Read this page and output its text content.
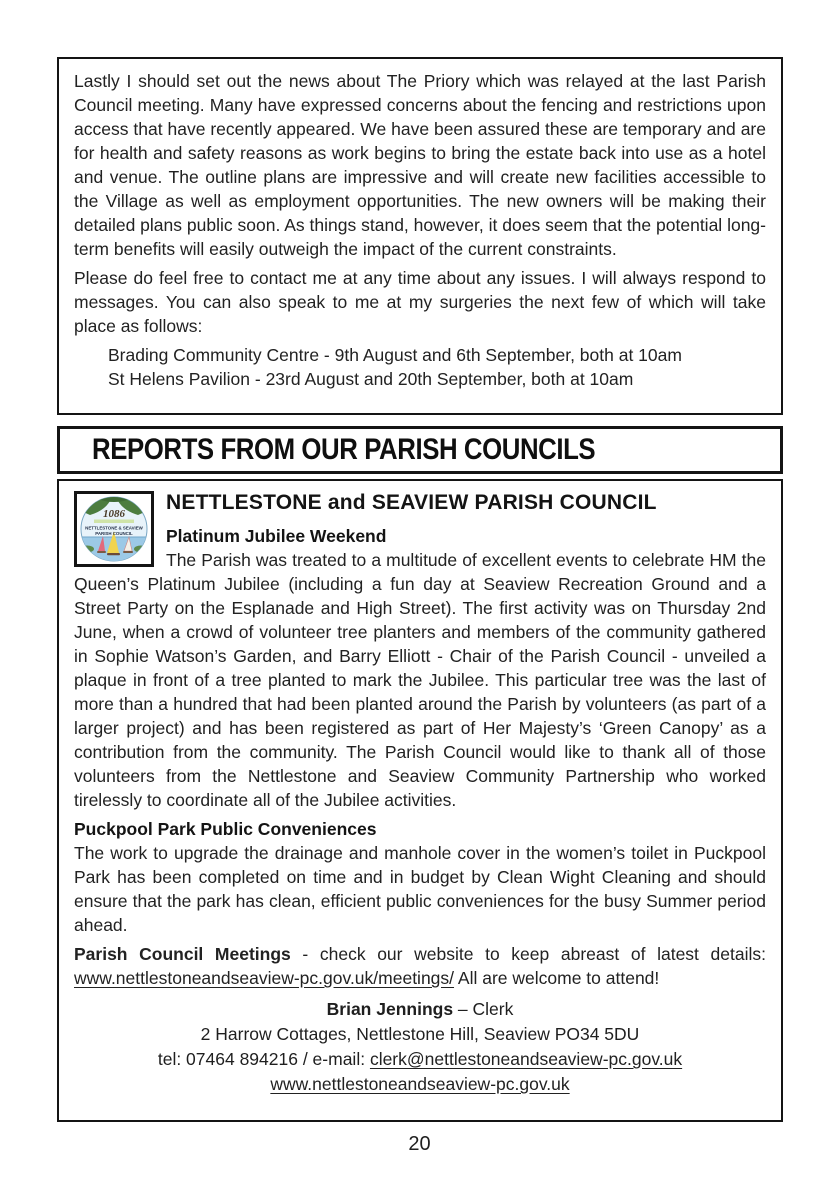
Lastly I should set out the news about The Priory which was relayed at the last Parish Council meeting. Many have expressed concerns about the fencing and restrictions upon access that have recently appeared. We have been assured these are temporary and are for health and safety reasons as work begins to bring the estate back into use as a hotel and venue. The outline plans are impressive and will create new facilities accessible to the Village as well as employment opportunities. The new owners will be making their detailed plans public soon. As things stand, however, it does seem that the potential long-term benefits will easily outweigh the impact of the current constraints.

Please do feel free to contact me at any time about any issues. I will always respond to messages. You can also speak to me at my surgeries the next few of which will take place as follows:

Brading Community Centre - 9th August and 6th September, both at 10am
St Helens Pavilion - 23rd August and 20th September, both at 10am
REPORTS FROM OUR PARISH COUNCILS
1086
NETTLESTONE & SEAVIEW
PARISH COUNCIL
NETTLESTONE and SEAVIEW PARISH COUNCIL
Platinum Jubilee Weekend

The Parish was treated to a multitude of excellent events to celebrate HM the Queen’s Platinum Jubilee (including a fun day at Seaview Recreation Ground and a Street Party on the Esplanade and High Street). The first activity was on Thursday 2nd June, when a crowd of volunteer tree planters and members of the community gathered in Sophie Watson’s Garden, and Barry Elliott - Chair of the Parish Council - unveiled a plaque in front of a tree planted to mark the Jubilee. This particular tree was the last of more than a hundred that had been planted around the Parish by volunteers (as part of a larger project) and has been registered as part of Her Majesty’s ‘Green Canopy’ as a contribution from the community. The Parish Council would like to thank all of those volunteers from the Nettlestone and Seaview Community Partnership who worked tirelessly to coordinate all of the Jubilee activities.

Puckpool Park Public Conveniences

The work to upgrade the drainage and manhole cover in the women’s toilet in Puckpool Park has been completed on time and in budget by Clean Wight Cleaning and should ensure that the park has clean, efficient public conveniences for the busy Summer period ahead.

Parish Council Meetings - check our website to keep abreast of latest details: www.nettlestoneandseaview-pc.gov.uk/meetings/ All are welcome to attend!

Brian Jennings – Clerk
2 Harrow Cottages, Nettlestone Hill, Seaview PO34 5DU
tel: 07464 894216 / e-mail: clerk@nettlestoneandseaview-pc.gov.uk
www.nettlestoneandseaview-pc.gov.uk
20
